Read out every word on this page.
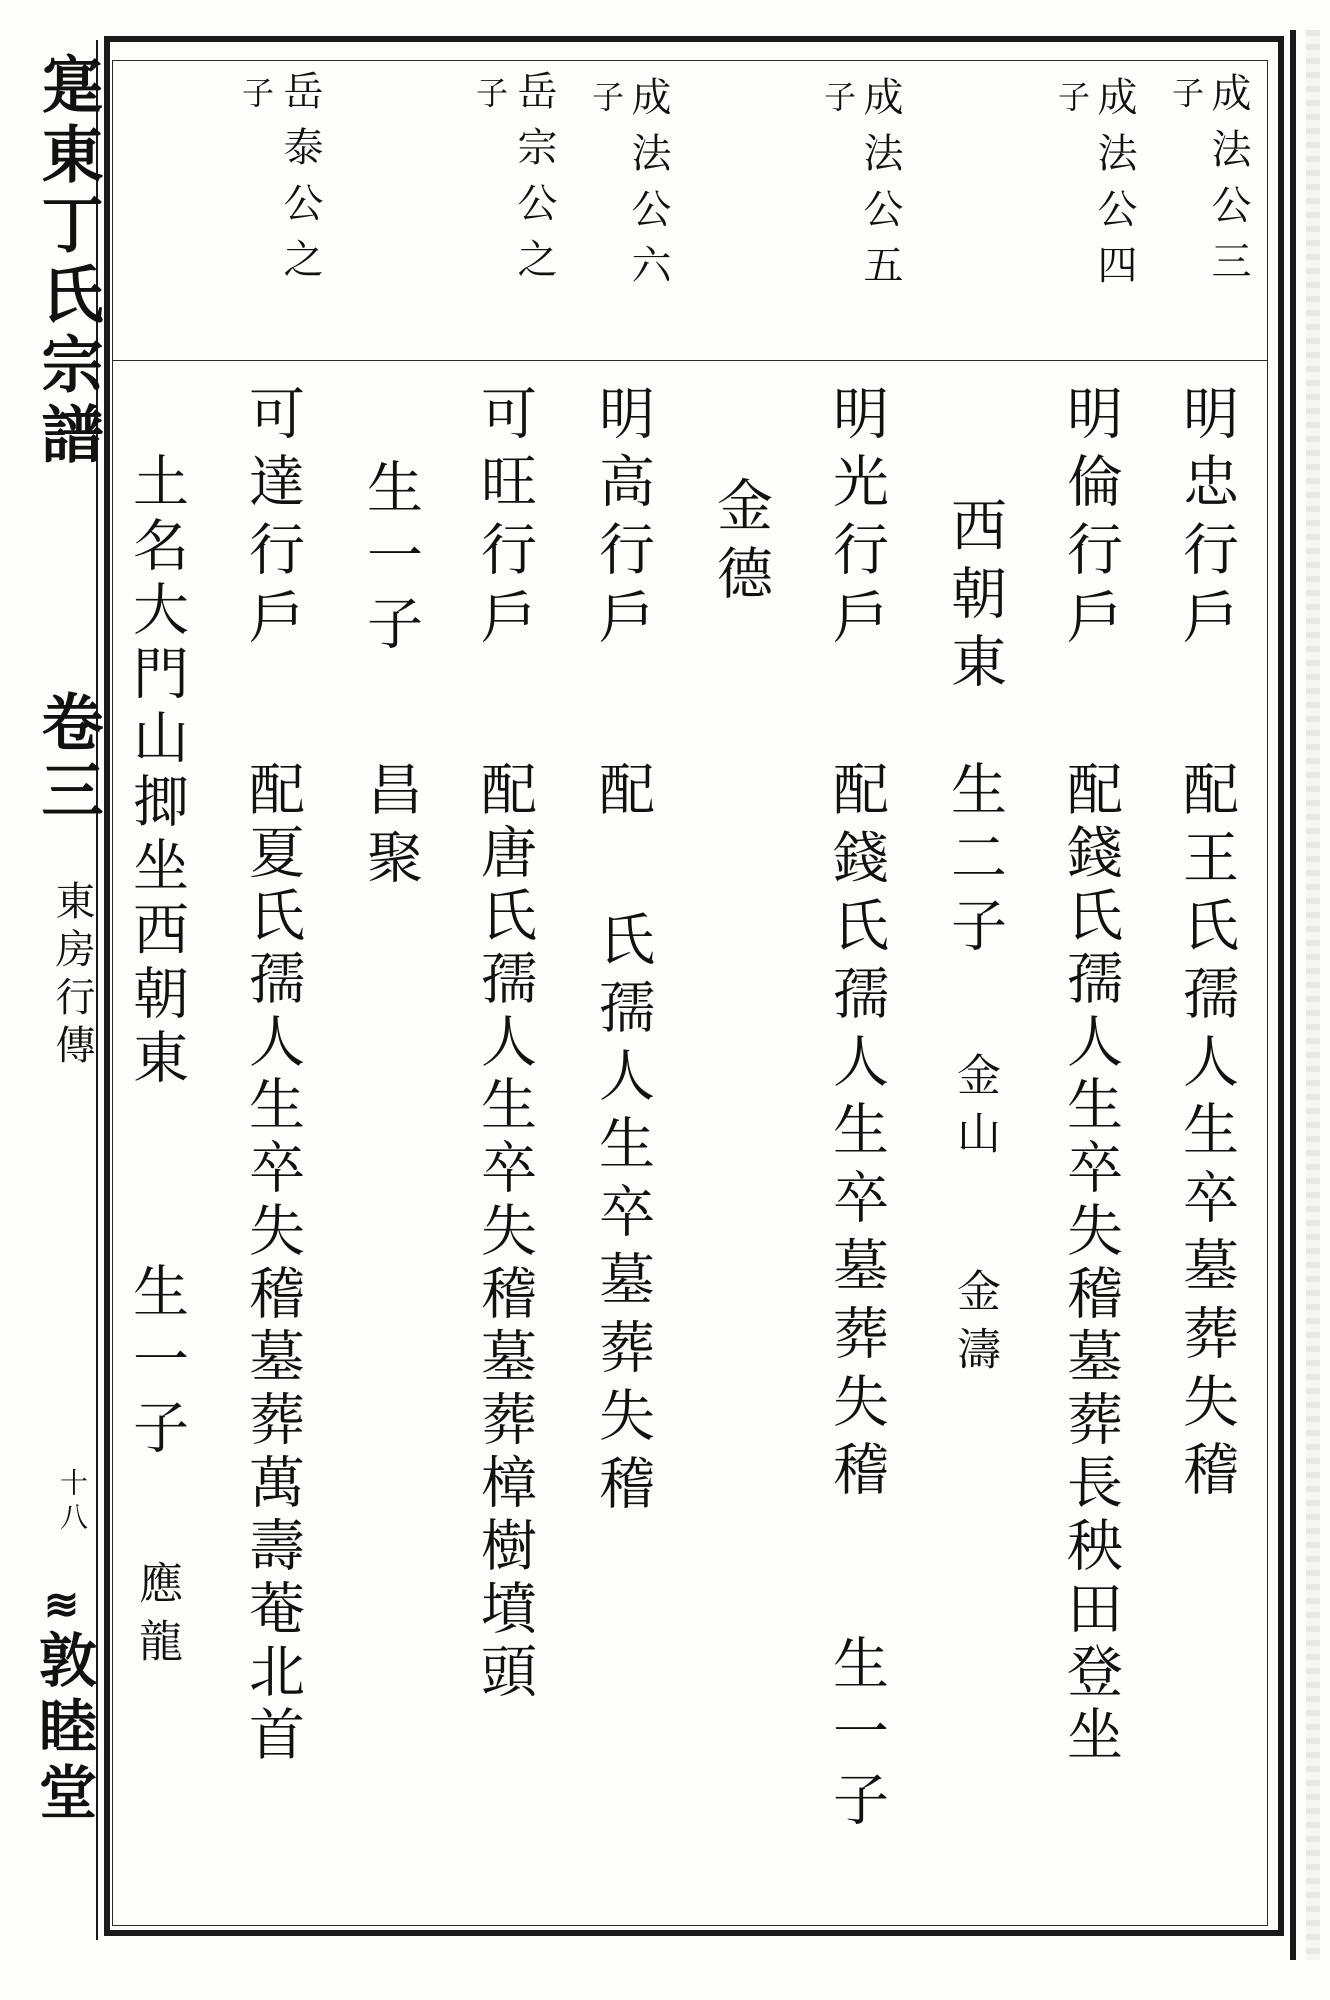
寔東丁氏宗譜
卷三
東房行傳
十八
≋
敦睦堂
成法公三
子
成法公四
子
成法公五
子
成法公六
子
岳宗公之
子
岳泰公之
子
明忠行戶
配王氏孺人生卒墓葬失稽
明倫行戶
配錢氏孺人生卒失稽墓葬長秧田登坐
西朝東
生二子
金山
金濤
明光行戶
配錢氏孺人生卒墓葬失稽
生一子
金德
明高行戶
配
氏孺人生卒墓葬失稽
可旺行戶
配唐氏孺人生卒失稽墓葬樟樹墳頭
生一子
昌聚
可達行戶
配夏氏孺人生卒失稽墓葬萬壽菴北首
土名大門山揤坐西朝東
生一子
應龍
